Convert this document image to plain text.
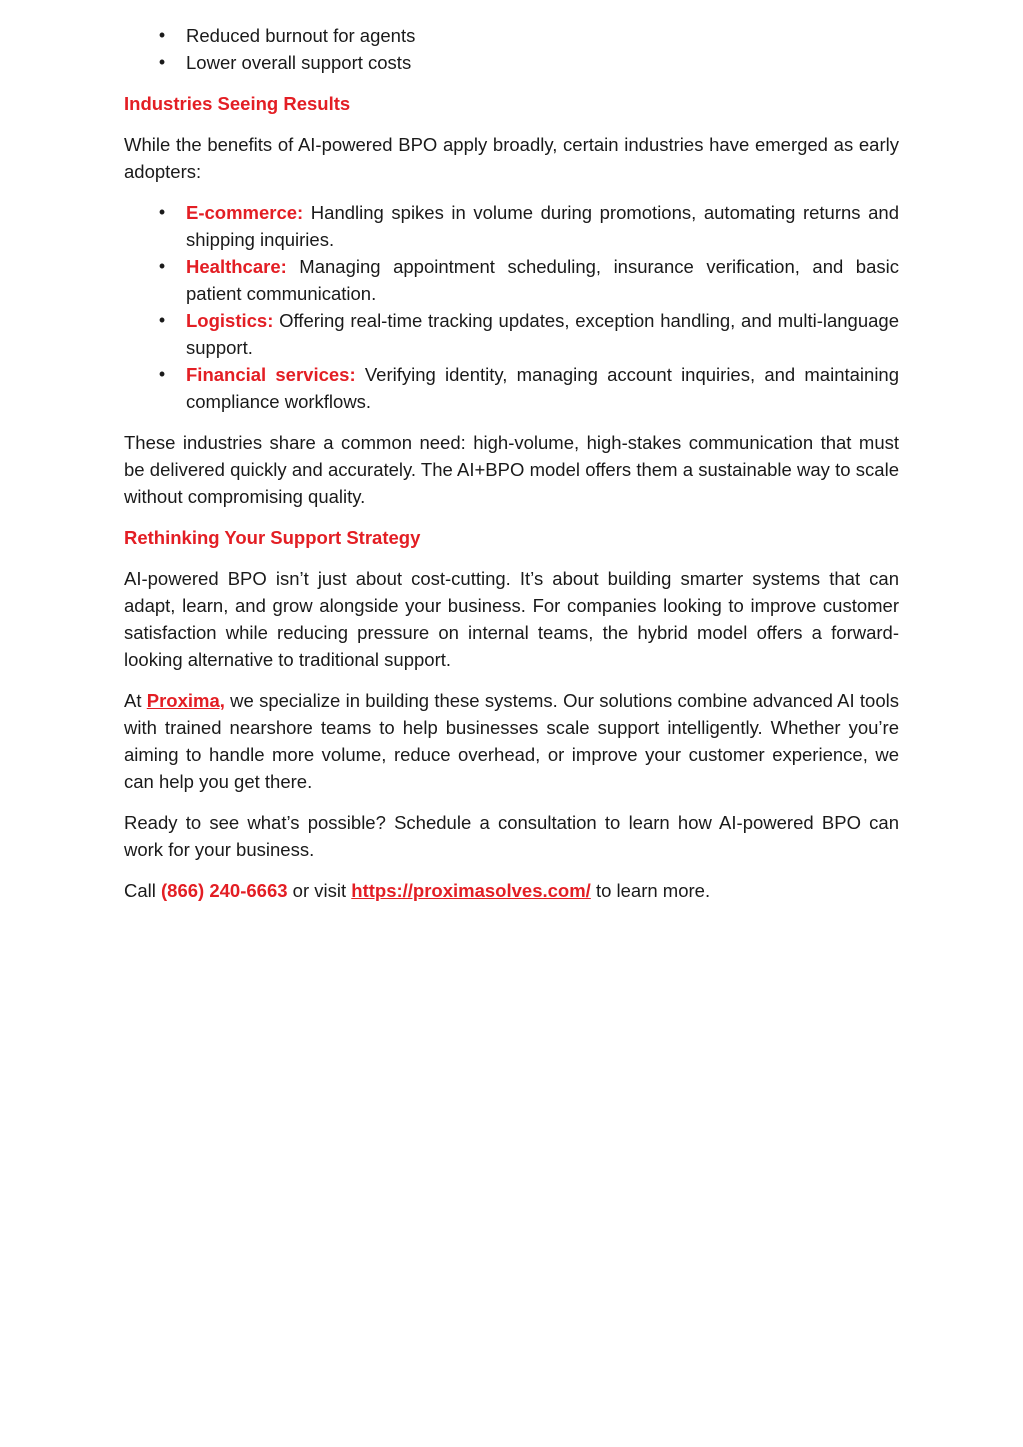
• Reduced burnout for agents
• Lower overall support costs
Industries Seeing Results

While the benefits of AI-powered BPO apply broadly, certain industries have emerged as early adopters:

• E-commerce: Handling spikes in volume during promotions, automating returns and shipping inquiries.
• Healthcare: Managing appointment scheduling, insurance verification, and basic patient communication.
• Logistics: Offering real-time tracking updates, exception handling, and multi-language support.
• Financial services: Verifying identity, managing account inquiries, and maintaining compliance workflows.

These industries share a common need: high-volume, high-stakes communication that must be delivered quickly and accurately. The AI+BPO model offers them a sustainable way to scale without compromising quality.

Rethinking Your Support Strategy

AI-powered BPO isn’t just about cost-cutting. It’s about building smarter systems that can adapt, learn, and grow alongside your business. For companies looking to improve customer satisfaction while reducing pressure on internal teams, the hybrid model offers a forward-looking alternative to traditional support.

At Proxima, we specialize in building these systems. Our solutions combine advanced AI tools with trained nearshore teams to help businesses scale support intelligently. Whether you’re aiming to handle more volume, reduce overhead, or improve your customer experience, we can help you get there.

Ready to see what’s possible? Schedule a consultation to learn how AI-powered BPO can work for your business.

Call (866) 240-6663 or visit https://proximasolves.com/ to learn more.
